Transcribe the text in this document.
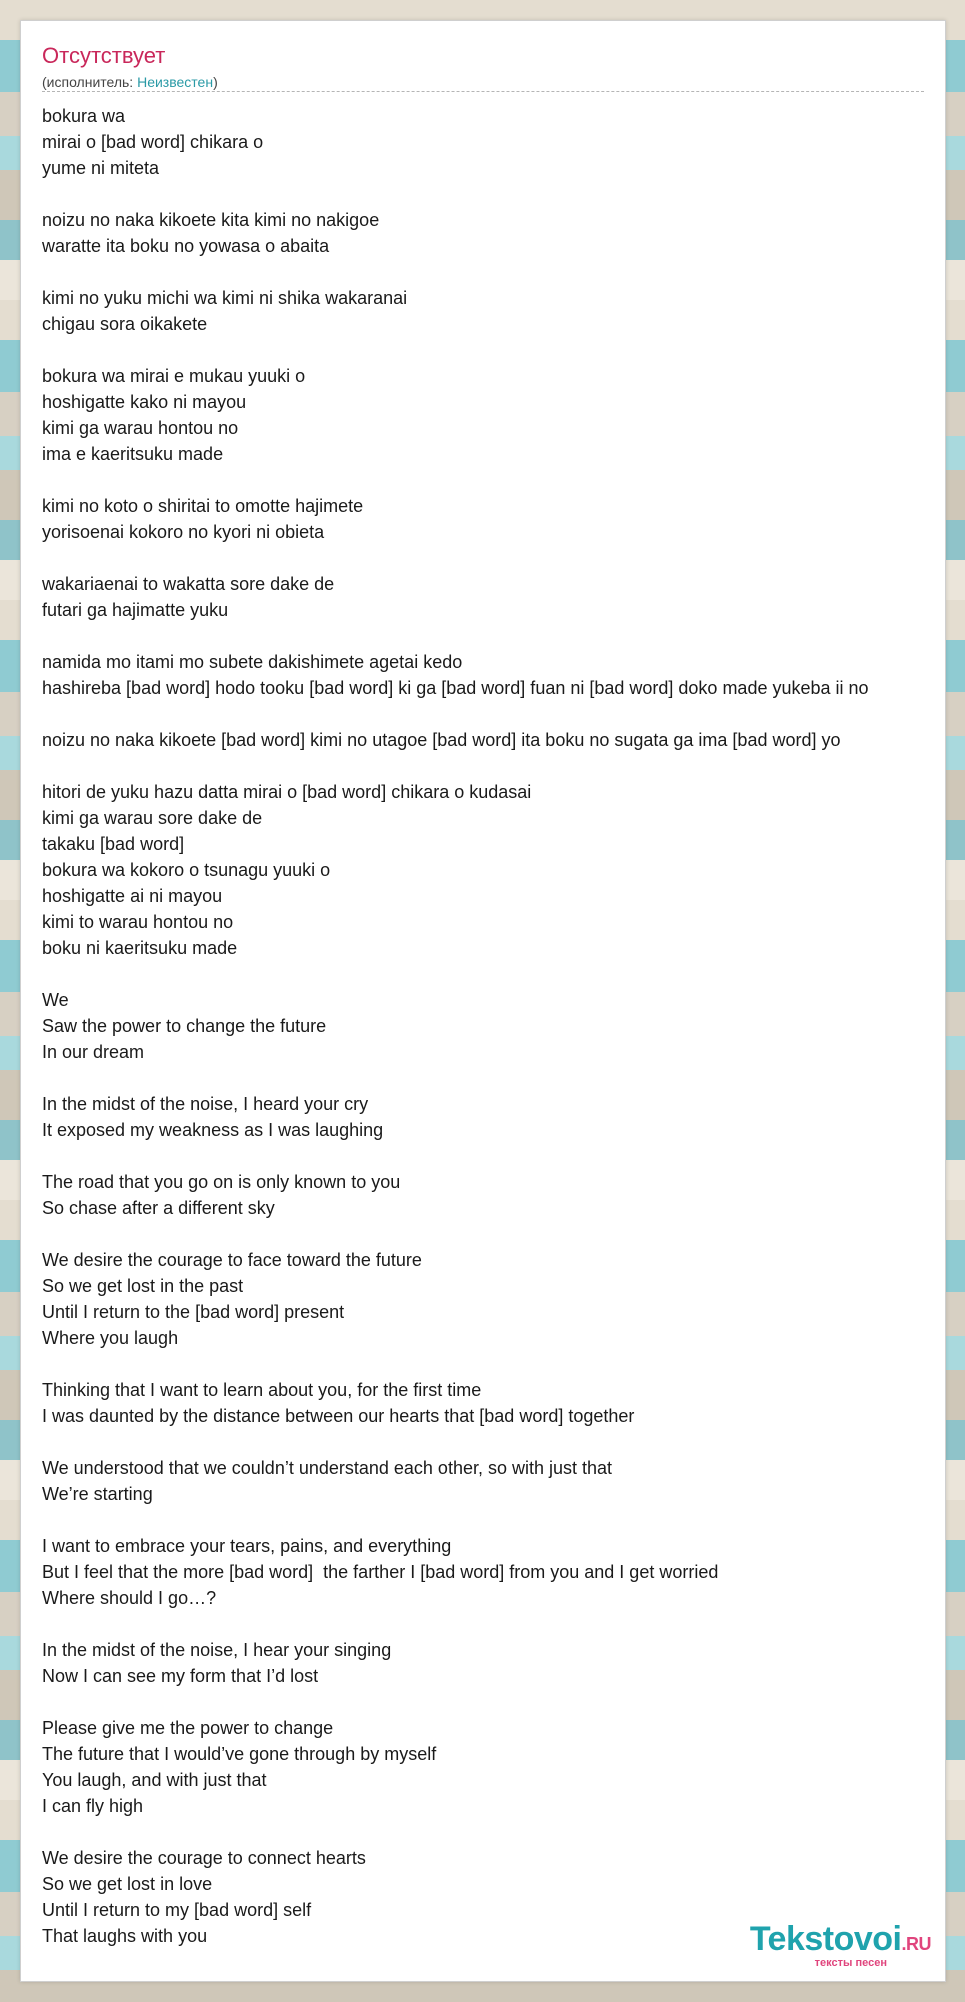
Отсутствует
(исполнитель: Неизвестен)
bokura wa
mirai o [bad word] chikara o
yume ni miteta
noizu no naka kikoete kita kimi no nakigoe
waratte ita boku no yowasa o abaita
kimi no yuku michi wa kimi ni shika wakaranai
chigau sora oikakete
bokura wa mirai e mukau yuuki o
hoshigatte kako ni mayou
kimi ga warau hontou no
ima e kaeritsuku made
kimi no koto o shiritai to omotte hajimete
yorisoenai kokoro no kyori ni obieta
wakariaenai to wakatta sore dake de
futari ga hajimatte yuku
namida mo itami mo subete dakishimete agetai kedo
hashireba [bad word] hodo tooku [bad word] ki ga [bad word] fuan ni [bad word] doko made yukeba ii no
noizu no naka kikoete [bad word] kimi no utagoe [bad word] ita boku no sugata ga ima [bad word] yo
hitori de yuku hazu datta mirai o [bad word] chikara o kudasai
kimi ga warau sore dake de
takaku [bad word]
bokura wa kokoro o tsunagu yuuki o
hoshigatte ai ni mayou
kimi to warau hontou no
boku ni kaeritsuku made
We
Saw the power to change the future
In our dream
In the midst of the noise, I heard your cry
It exposed my weakness as I was laughing
The road that you go on is only known to you
So chase after a different sky
We desire the courage to face toward the future
So we get lost in the past
Until I return to the [bad word] present
Where you laugh
Thinking that I want to learn about you, for the first time
I was daunted by the distance between our hearts that [bad word] together
We understood that we couldn’t understand each other, so with just that
We’re starting
I want to embrace your tears, pains, and everything
But I feel that the more [bad word]  the farther I [bad word] from you and I get worried
Where should I go…?
In the midst of the noise, I hear your singing
Now I can see my form that I’d lost
Please give me the power to change
The future that I would’ve gone through by myself
You laugh, and with just that
I can fly high
We desire the courage to connect hearts
So we get lost in love
Until I return to my [bad word] self
That laughs with you	Tekstovoi.RU
тексты песен
